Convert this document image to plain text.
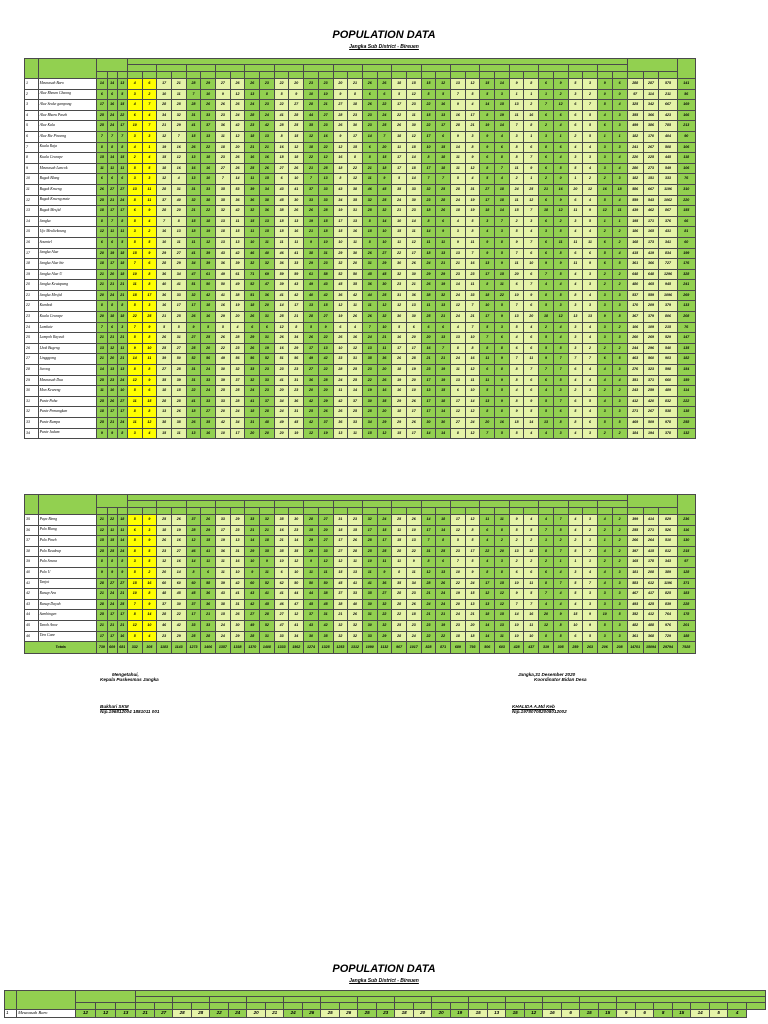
POPULATION DATA
Jangka Sub District - Bireuen

1	Meunasah Baro	14	14	13	4	6	17	21	28	29	27	26	26	23	22	20	23	23	20	21	26	26	18	15	15	12	13	12	15	14	9	8	6	9	5	3	9	6	288	287	575	141
2	Alue Rheum Chaong	6	6	5	3	2	10	11	7	10	9	12	13	8	5	9	10	10	9	8	6	6	5	12	5	5	7	5	5	3	1	1	1	2	3	2	0	0	97	114	211	56
3	Alue Seuke gampong	17	16	15	4	7	28	28	28	26	26	26	24	23	22	27	28	21	27	18	26	22	17	23	22	16	9	4	14	15	13	2	7	12	6	7	5	4	325	342	667	169
4	Alue Bharu Paseh	25	24	22	6	4	34	32	31	33	23	24	28	24	41	28	44	27	28	23	23	24	22	11	15	13	16	17	8	19	11	16	6	6	6	5	4	3	355	366	423	166
5	Alue Kala	25	24	17	10	7	21	29	41	37	36	42	23	42	28	25	35	23	26	30	23	25	26	30	22	17	28	21	19	14	7	8	2	4	6	5	6	3	499	386	785	213
6	Alue Bie Pinoeng	7	7	7	3	3	12	7	15	13	11	12	18	13	8	15	12	16	9	17	14	7	18	12	17	6	9	3	9	4	3	1	3	1	2	5	1	1	182	170	404	90
7	Kuala Raja	8	8	8	4	1	19	16	26	22	18	20	21	21	16	12	18	22	12	15	6	20	11	18	10	15	14	8	9	6	8	6	8	6	4	4	3	3	241	267	508	106
8	Kuala Ceurape	15	14	15	2	4	15	12	13	18	23	26	16	16	18	18	22	12	16	8	8	15	17	14	8	18	11	9	6	8	8	7	6	4	3	3	3	4	220	225	445	118
9	Meunasah Lancok	11	11	11	5	5	18	16	16	16	27	26	25	26	27	26	21	25	18	22	21	18	17	18	17	18	11	12	8	7	11	9	6	5	5	4	3	4	280	273	549	106
10	Bugak Blang	6	6	6	3	3	12	4	13	10	7	14	11	15	6	10	7	13	8	12	11	9	5	14	7	7	5	4	5	4	2	1	2	0	1	2	2	3	182	151	333	76
11	Bugak Krueng	26	27	27	13	11	28	31	31	33	35	53	39	34	43	41	37	33	43	38	46	45	35	33	32	25	28	31	27	18	24	25	21	16	20	12	16	18	586	667	1196	310
12	Bugak Krueng mate	25	21	24	8	11	37	40	32	38	35	36	36	38	45	30	33	33	34	35	32	25	24	30	23	28	24	19	17	18	11	12	6	9	6	4	5	4	559	543	1062	220
13	Bugak Mesjid	18	17	17	6	9	28	20	21	22	32	42	32	36	38	26	26	28	19	31	28	32	21	23	18	26	18	19	18	14	15	7	18	12	11	9	12	11	439	462	867	155
14	Jangka	8	7	8	5	4	7	8	15	18	13	11	15	13	18	13	19	15	17	13	8	14	10	14	8	6	4	5	3	7	2	3	6	2	3	5	1	1	195	171	376	66
15	Ujo Meuliekoung	12	11	11	3	2	16	13	18	19	18	15	11	15	18	16	21	18	15	16	18	10	15	11	14	9	3	8	4	3	5	4	3	5	4	4	2	2	186	165	431	81
16	Soumtel	6	6	5	5	5	10	11	11	12	13	13	10	11	11	11	9	10	10	11	8	10	11	12	11	11	9	11	9	8	9	7	6	11	11	11	6	2	168	173	341	60
17	Jangka Alue	20	19	18	15	9	29	27	41	39	43	42	46	40	46	41	38	31	29	30	26	27	22	17	18	13	13	7	9	5	7	6	6	8	6	6	5	4	415	419	834	199
18	Jangka Alue bie	18	17	18	7	6	28	29	34	39	36	39	32	32	36	33	29	23	32	20	31	29	30	26	24	21	21	16	13	9	11	10	9	9	11	9	6	5	361	366	727	176
19	Jangka Alue U	21	20	18	10	8	36	34	47	61	49	61	71	69	59	59	61	58	52	50	45	45	32	30	29	29	23	23	17	15	20	6	7	5	4	3	2	2	648	648	1296	328
20	Jangka Keutapang	21	21	21	11	8	40	41	51	50	50	49	52	47	39	43	49	43	45	35	36	30	23	21	26	19	14	11	8	11	6	7	4	4	4	3	2	2	480	465	945	241
21	Jangka Mesjid	20	24	21	18	17	36	33	32	42	41	38	51	36	41	42	40	42	36	42	44	25	31	36	38	32	24	33	18	22	10	9	8	5	8	4	3	3	537	559	1096	269
22	Kumbok	8	8	8	5	3	16	17	17	18	16	19	18	20	14	17	13	15	12	11	11	12	12	13	11	13	12	7	10	5	7	6	5	3	3	3	3	3	170	209	379	133
23	Kuala Ceurape	20	18	18	22	25	21	25	26	16	29	20	26	31	25	21	28	27	19	26	26	32	30	30	25	21	24	21	17	9	13	20	18	12	13	13	9	8	367	379	806	208
24	Lamkaie	7	6	3	7	9	5	5	9	5	5	4	6	6	12	8	5	9	6	4	7	10	5	6	6	6	4	7	5	3	5	4	2	4	3	4	3	2	106	109	215	76
25	Lampoh Rayeuk	21	21	21	5	8	26	31	27	25	26	28	29	31	26	34	26	22	26	16	24	21	16	20	20	13	13	10	7	6	4	6	5	4	3	4	3	3	260	269	529	147
26	Lhok Bugeng	13	12	11	9	10	25	27	25	20	22	23	26	19	16	29	17	13	10	12	13	11	17	17	16	7	8	8	8	8	6	6	5	5	3	2	2	2	244	296	540	135
27	Lingggong	21	20	21	14	11	39	50	52	56	49	56	56	52	51	56	49	42	33	31	35	36	26	28	21	21	24	16	11	9	7	11	9	7	7	7	6	5	463	560	903	182
28	Juroog	14	13	13	8	8	27	28	31	24	30	32	33	23	23	23	27	22	28	25	23	20	18	19	23	19	11	12	6	8	8	7	7	7	6	4	4	3	276	323	598	154
29	Meunasah Dua	25	23	24	12	9	35	39	31	33	39	37	32	33	41	31	36	28	24	25	22	26	19	20	17	19	13	11	11	9	8	6	6	5	4	4	4	4	351	371	660	159
30	Mon Keureng	11	10	10	5	6	18	18	22	24	25	25	24	23	20	23	20	20	11	14	19	16	16	10	13	15	6	10	5	5	4	6	4	3	2	1	2	2	243	259	489	114
31	Punie Paha	25	26	27	11	15	28	28	41	33	33	28	41	37	34	36	42	29	42	37	30	35	29	26	17	18	17	14	13	9	8	9	5	7	6	5	4	3	412	420	832	222
32	Punie Pemangkan	18	17	17	8	8	13	26	18	27	20	24	18	28	24	31	25	26	26	25	28	20	18	17	17	14	12	12	8	8	9	5	5	6	5	4	3	3	271	267	538	138
33	Punie Rumpa	25	21	24	11	12	38	38	26	35	42	34	31	48	49	45	42	37	36	33	34	29	29	26	30	30	27	24	20	16	18	14	13	8	8	6	5	5	469	509	978	258
34	Punie Jadam	9	9	8	3	4	15	11	13	16	10	17	20	20	20	19	12	19	13	11	15	12	15	17	14	14	8	12	7	5	5	4	4	3	4	3	2	2	184	194	378	132

35	Paya Bieng	21	22	18	5	9	25	26	37	26	33	29	33	32	35	30	28	27	31	23	32	24	25	26	14	18	17	12	11	11	9	4	4	7	4	3	4	2	399	414	829	236
36	Pulo Blang	12	11	11	6	3	18	19	28	29	17	23	21	21	16	23	15	20	15	15	17	15	11	10	17	14	12	8	6	8	5	5	7	5	4	2	2	2	255	271	526	116
37	Pulo Pineh	15	15	14	5	9	26	16	12	15	19	13	14	18	21	14	29	27	17	26	28	17	15	13	7	8	5	5	4	2	2	2	1	2	2	1	1	2	266	264	510	130
38	Pulo Reudeup	25	25	24	8	5	23	27	46	41	36	31	29	35	35	35	29	33	27	28	25	25	28	22	31	25	23	17	22	20	13	12	8	7	5	7	4	2	397	415	812	215
39	Pulo Seuna	8	8	8	3	5	12	16	14	11	11	16	10	9	10	12	9	12	12	11	10	11	11	9	8	6	7	5	4	3	2	2	2	1	1	1	2	2	165	178	343	97
40	Pulo U	9	9	9	5	2	20	14	8	6	11	10	9	11	6	10	11	11	15	13	11	9	8	11	12	13	10	9	8	8	6	6	6	4	3	4	4	3	181	208	389	128
41	Tanjot	28	27	27	15	16	60	60	60	58	39	42	60	52	62	50	50	50	45	41	41	36	35	34	28	26	22	24	17	15	10	11	8	7	5	7	4	3	583	612	1196	371
42	Ranup Ara	21	24	21	10	8	48	45	45	36	43	41	43	41	41	44	44	38	37	33	35	27	28	23	21	24	19	15	12	12	9	5	7	4	5	3	3	3	467	417	825	183
43	Ranup Dayah	28	24	25	7	9	37	30	37	36	38	31	42	45	46	47	45	45	38	40	30	32	28	26	24	24	20	13	13	12	7	7	4	4	4	3	3	3	493	425	839	228
44	Samhingen	25	17	17	8	14	28	22	17	21	15	26	27	28	27	12	37	31	21	26	31	22	22	18	21	21	24	21	18	15	14	16	20	9	15	9	10	5	352	412	764	178
45	Tanoh Anoe	21	21	21	12	10	46	42	33	33	24	30	49	52	47	41	43	42	32	32	30	32	25	23	23	19	23	20	14	13	10	11	12	8	10	9	5	3	482	488	976	201
46	Tien Cane	17	17	16	5	4	23	29	25	28	24	29	28	31	33	34	30	35	32	32	33	29	28	24	22	22	18	18	14	11	10	10	8	5	6	5	3	3	361	368	729	188
Totals		739	609	681	332	305	1183	1143	1273	1406	1357	1338	1370	1408	1333	1562	1274	1325	1253	1312	1090	1132	907	1017	828	871	689	793	506	603	428	437	319	305	259	263	206	208	14701	15094	29794	7928
Mengetahui,
Kepala Puskesmas Jangka
Bukhari SKM
Nip.196812004 1881011 001
Jangka,31 Desember 2020
Koordinator Bidan Desa
KHALIDA A.Md Keb
Nip.197807082008012002
POPULATION DATA
Jangka Sub District - Bireuen

1	Meunasah Baro	12	12	13	21	27	28	28	22	24	20	21	24	26	25	26	25	23	18	20	20	19	15	13	15	12	16	6	15	15	9	6	8	15	14	5	4	
